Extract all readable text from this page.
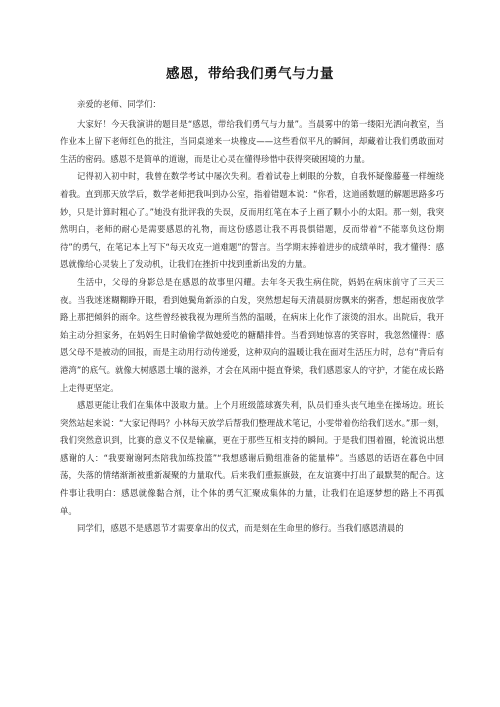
感恩，带给我们勇气与力量

亲爱的老师、同学们：

大家好！今天我演讲的题目是“感恩，带给我们勇气与力量”。当晨雾中的第一缕阳光洒向教室，当作业本上留下老师红色的批注，当同桌递来一块橡皮——这些看似平凡的瞬间，却藏着让我们勇敢面对生活的密码。感恩不是简单的道谢，而是让心灵在懂得珍惜中获得突破困境的力量。

记得初入初中时，我曾在数学考试中屡次失利。看着试卷上刺眼的分数，自我怀疑像藤蔓一样缠绕着我。直到那天放学后，数学老师把我叫到办公室，指着错题本说：“你看，这道函数题的解题思路多巧妙，只是计算时粗心了。”她没有批评我的失误，反而用红笔在本子上画了颗小小的太阳。那一刻，我突然明白，老师的耐心是需要感恩的礼物，而这份感恩让我不再畏惧错题，反而带着“不能辜负这份期待”的勇气，在笔记本上写下“每天攻克一道难题”的誓言。当学期末捧着进步的成绩单时，我才懂得：感恩就像给心灵装上了发动机，让我们在挫折中找到重新出发的力量。

生活中，父母的身影总是在感恩的故事里闪耀。去年冬天我生病住院，妈妈在病床前守了三天三夜。当我迷迷糊糊睁开眼，看到她鬓角新添的白发，突然想起每天清晨厨房飘来的粥香，想起雨夜放学路上那把倾斜的雨伞。这些曾经被我视为理所当然的温暖，在病床上化作了滚烫的泪水。出院后，我开始主动分担家务，在妈妈生日时偷偷学做她爱吃的糖醋排骨。当看到她惊喜的笑容时，我忽然懂得：感恩父母不是被动的回报，而是主动用行动传递爱，这种双向的温暖让我在面对生活压力时，总有“背后有港湾”的底气。就像大树感恩土壤的滋养，才会在风雨中挺直脊梁，我们感恩家人的守护，才能在成长路上走得更坚定。

感恩更能让我们在集体中汲取力量。上个月班级篮球赛失利，队员们垂头丧气地坐在操场边。班长突然站起来说：“大家记得吗？小林每天放学后帮我们整理战术笔记，小雯带着伤给我们送水。”那一刻，我们突然意识到，比赛的意义不仅是输赢，更在于那些互相支持的瞬间。于是我们围着圈，轮流说出想感谢的人：“我要谢谢阿杰陪我加练投篮”“我想感谢后勤组准备的能量棒”。当感恩的话语在暮色中回荡，失落的情绪渐渐被重新凝聚的力量取代。后来我们重振旗鼓，在友谊赛中打出了最默契的配合。这件事让我明白：感恩就像黏合剂，让个体的勇气汇聚成集体的力量，让我们在追逐梦想的路上不再孤单。

同学们，感恩不是感恩节才需要拿出的仪式，而是刻在生命里的修行。当我们感恩清晨的
